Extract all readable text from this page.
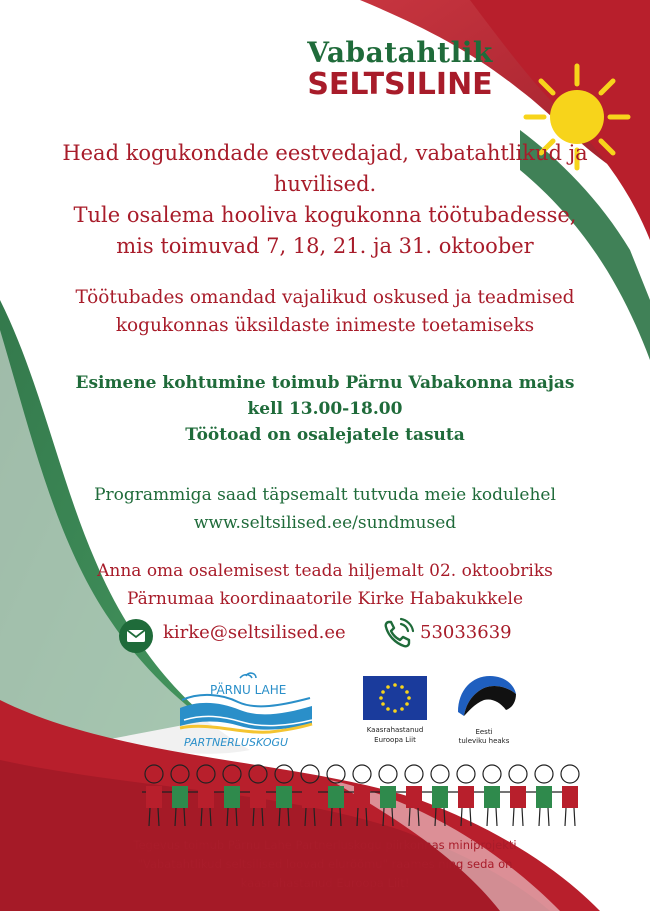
Vabatahtlik
SELTSILINE
Head kogukondade eestvedajad, vabatahtlikud ja
huvilised.
Tule osalema hooliva kogukonna töötubadesse,
mis toimuvad 7, 18, 21. ja 31. oktoober
Töötubades omandad vajalikud oskused ja teadmised
kogukonnas üksildaste inimeste toetamiseks
Esimene kohtumine toimub Pärnu Vabakonna majas
kell 13.00-18.00
Töötoad on osalejatele tasuta
Programmiga saad täpsemalt tutvuda meie kodulehel
www.seltsilised.ee/sundmused
Anna oma osalemisest teada hiljemalt 02. oktoobriks
Pärnumaa koordinaatorile Kirke Habakukkele
kirke@seltsilised.ee	53033639
PÄRNU LAHE
PARTNERLUSKOGU
Kaasrahastanud
Euroopa Liit
Eesti
tuleviku heaks
Tegevus toimub Pärnu Lahe Partnerluskogu piirkonnas miniprojekti
"Vabatahtlikud seltsilised loovad elurõõmu" raames ning seda on
kaasrahastanud Euroopa Liit!
